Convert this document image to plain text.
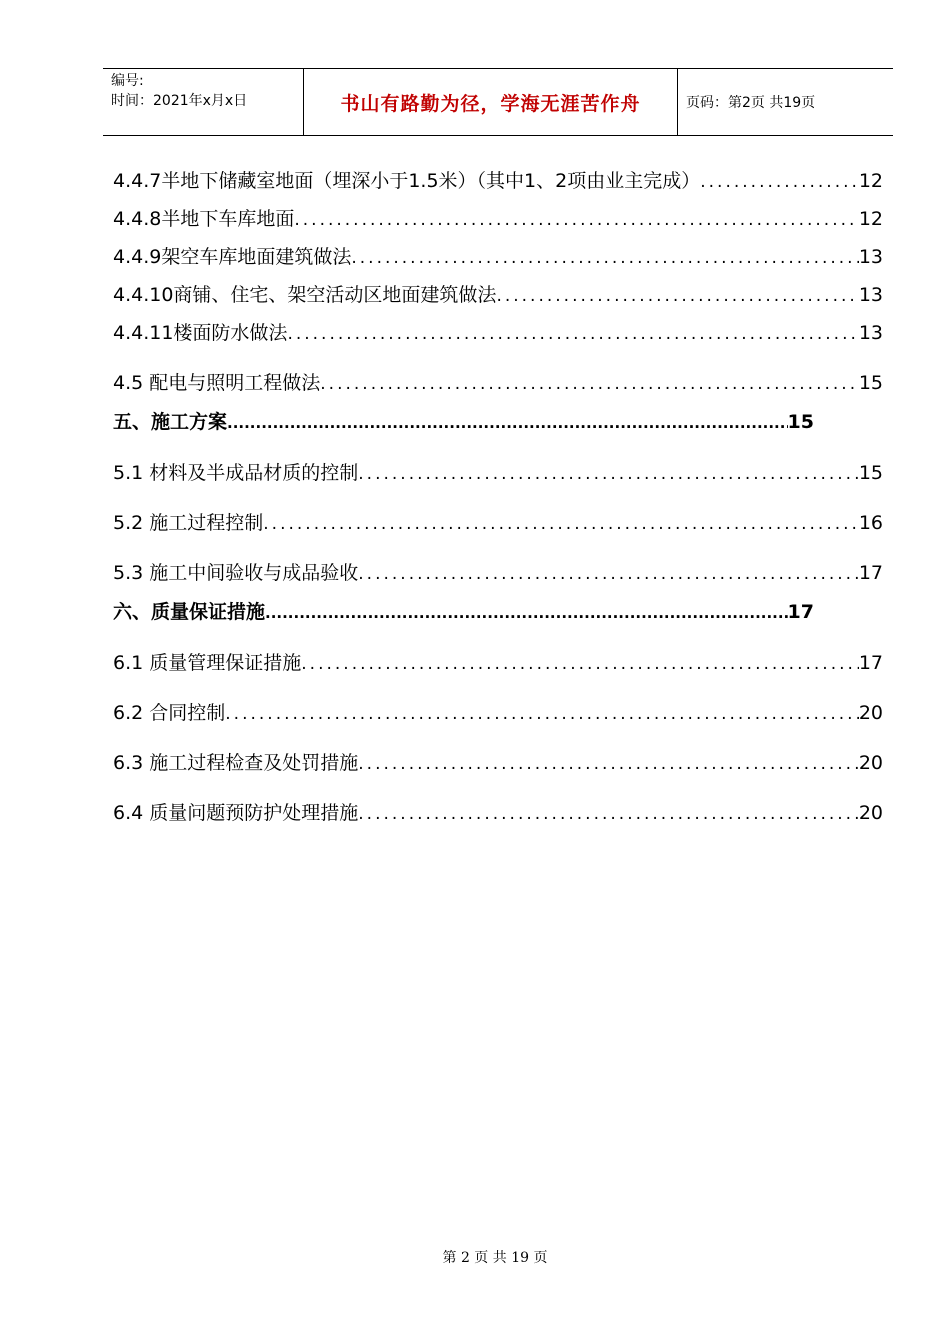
编号:
时间：2021年x月x日	书山有路勤为径，学海无涯苦作舟	页码：第2页 共19页
4.4.7半地下储藏室地面（埋深小于1.5米）（其中1、2项由业主完成） .....	12
4.4.8半地下车库地面 .....	12
4.4.9架空车库地面建筑做法 .....	13
4.4.10商铺、住宅、架空活动区地面建筑做法 .....	13
4.4.11楼面防水做法 .....	13
4.5 配电与照明工程做法 .....	15
五、施工方案 .....	15
5.1 材料及半成品材质的控制 .....	15
5.2 施工过程控制 .....	16
5.3 施工中间验收与成品验收 .....	17
六、质量保证措施 .....	17
6.1 质量管理保证措施 .....	17
6.2 合同控制 .....	20
6.3 施工过程检查及处罚措施 .....	20
6.4 质量问题预防护处理措施 .....	20
第 2 页 共 19 页
